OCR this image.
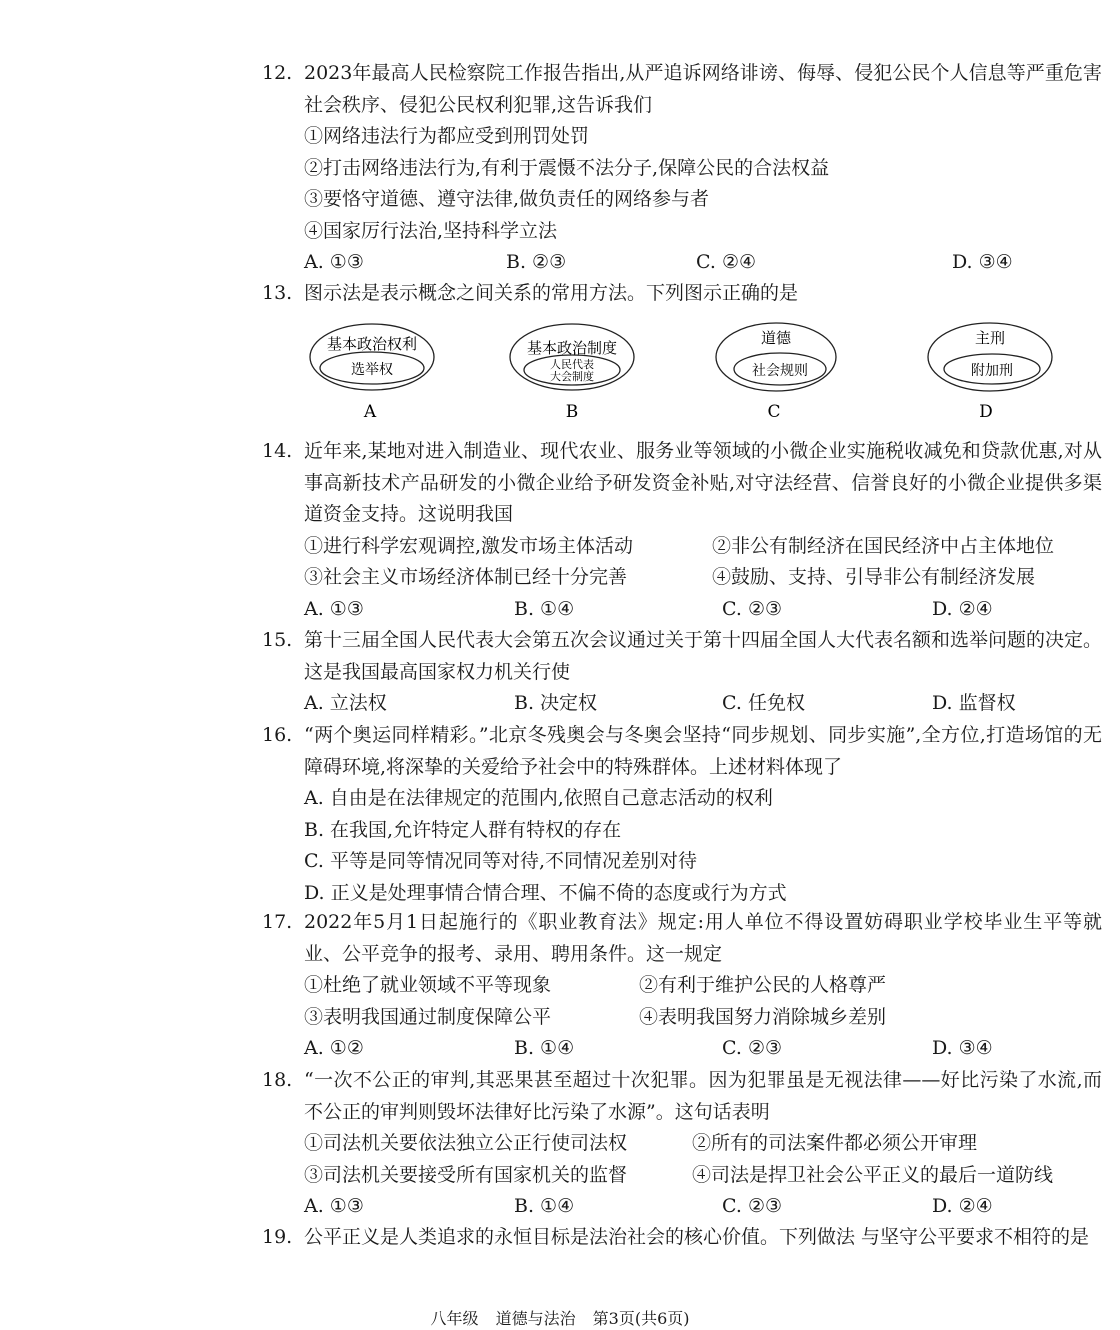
12. 2023年最高人民检察院工作报告指出,从严追诉网络诽谤、侮辱、侵犯公民个人信息等严重危害社会秩序、侵犯公民权利犯罪,这告诉我们
①网络违法行为都应受到刑罚处罚
②打击网络违法行为,有利于震慑不法分子,保障公民的合法权益
③要恪守道德、遵守法律,做负责任的网络参与者
④国家厉行法治,坚持科学立法
A. ①③	B. ②③	C. ②④	D. ③④
13. 图示法是表示概念之间关系的常用方法。下列图示正确的是
基本政治权利
选举权
A
基本政治制度
人民代表
大会制度
B
道德
社会规则
C
主刑
附加刑
D
14. 近年来,某地对进入制造业、现代农业、服务业等领域的小微企业实施税收减免和贷款优惠,对从事高新技术产品研发的小微企业给予研发资金补贴,对守法经营、信誉良好的小微企业提供多渠道资金支持。这说明我国
①进行科学宏观调控,激发市场主体活动	②非公有制经济在国民经济中占主体地位
③社会主义市场经济体制已经十分完善	④鼓励、支持、引导非公有制经济发展
A. ①③	B. ①④	C. ②③	D. ②④
15. 第十三届全国人民代表大会第五次会议通过关于第十四届全国人大代表名额和选举问题的决定。这是我国最高国家权力机关行使
A. 立法权	B. 决定权	C. 任免权	D. 监督权
16. “两个奥运同样精彩。”北京冬残奥会与冬奥会坚持“同步规划、同步实施”,全方位,打造场馆的无障碍环境,将深挚的关爱给予社会中的特殊群体。上述材料体现了
A. 自由是在法律规定的范围内,依照自己意志活动的权利
B. 在我国,允许特定人群有特权的存在
C. 平等是同等情况同等对待,不同情况差别对待
D. 正义是处理事情合情合理、不偏不倚的态度或行为方式
17. 2022年5月1日起施行的《职业教育法》规定:用人单位不得设置妨碍职业学校毕业生平等就业、公平竞争的报考、录用、聘用条件。这一规定
①杜绝了就业领域不平等现象	②有利于维护公民的人格尊严
③表明我国通过制度保障公平	④表明我国努力消除城乡差别
A. ①②	B. ①④	C. ②③	D. ③④
18. “一次不公正的审判,其恶果甚至超过十次犯罪。因为犯罪虽是无视法律——好比污染了水流,而不公正的审判则毁坏法律好比污染了水源”。这句话表明
①司法机关要依法独立公正行使司法权	②所有的司法案件都必须公开审理
③司法机关要接受所有国家机关的监督	④司法是捍卫社会公平正义的最后一道防线
A. ①③	B. ①④	C. ②③	D. ②④
19. 公平正义是人类追求的永恒目标是法治社会的核心价值。下列做法 与坚守公平要求不相符的是
八年级 道德与法治 第3页(共6页)
